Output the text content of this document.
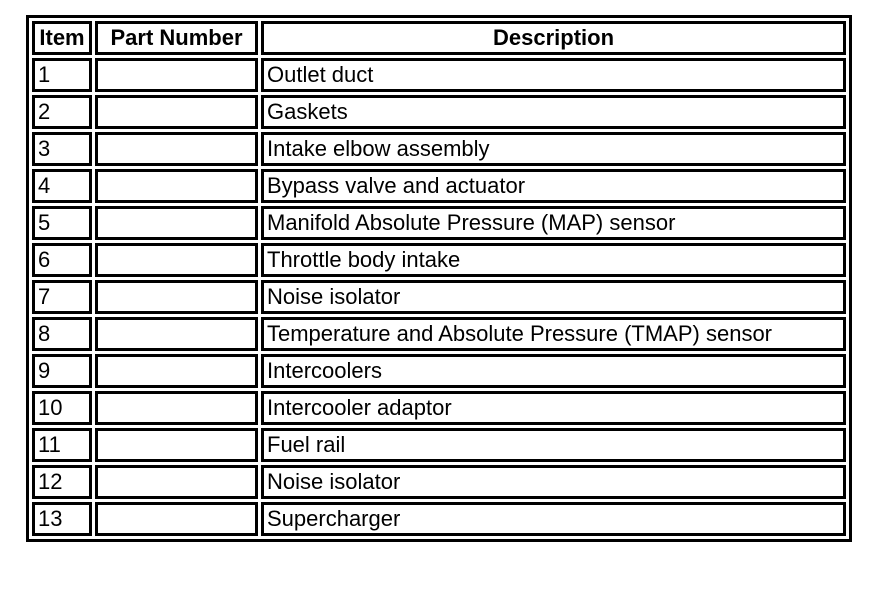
Item	Part Number	Description
1		Outlet duct
2		Gaskets
3		Intake elbow assembly
4		Bypass valve and actuator
5		Manifold Absolute Pressure (MAP) sensor
6		Throttle body intake
7		Noise isolator
8		Temperature and Absolute Pressure (TMAP) sensor
9		Intercoolers
10		Intercooler adaptor
11		Fuel rail
12		Noise isolator
13		Supercharger
